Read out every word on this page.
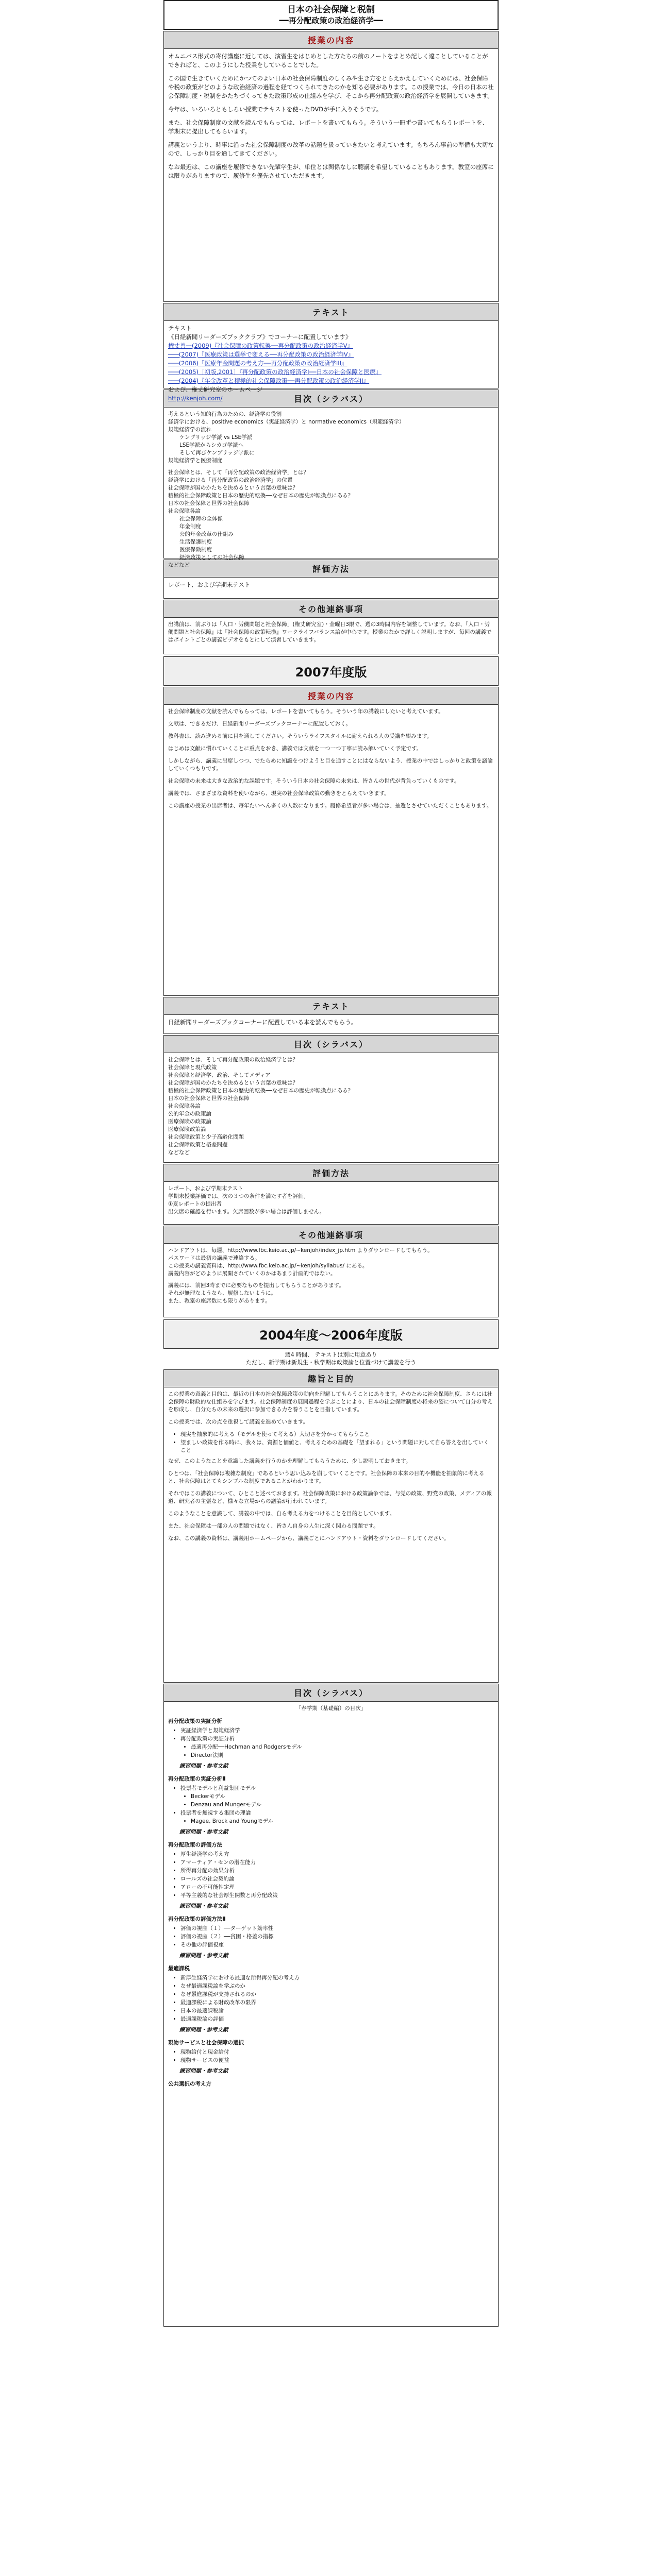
日本の社会保障と税制
━━再分配政策の政治経済学━━
授業の内容

オムニバス形式の寄付講座に近しては、演習生をはじめとした方たちの前のノートをまとめ記しく違ことしていることができればと、このようにした授業をしていることでした。

この国で生きていくためにかつてのよい日本の社会保障制度のしくみや生き方をとらえかえしていくためには、社会保障や税の政策がどのような政治経済の過程を経てつくられてきたのかを知る必要があります。この授業では、今日の日本の社会保障制度・税制をかたちづくってきた政策形成の仕組みを学び、そこから再分配政策の政治経済学を展開していきます。

今年は、いろいろともしろい授業でテキストを使ったDVDが手に入りそうです。

また、社会保障制度の文献を読んでもらっては、レポートを書いてもらう。そういう一冊ずつ書いてもらうレポートを、学期末に提出してもらいます。

講義というより、時事に沿った社会保障制度の改革の話題を扱っていきたいと考えています。もちろん事前の準備も大切なので、しっかり目を通してきてください。

なお最近は、この講座を履修できない先輩学生が、単位とは関係なしに聴講を希望していることもあります。教室の座席には限りがありますので、履修生を優先させていただきます。

テキスト
テキスト
《日経新聞リーダーズブッククラブ》でコーナーに配置しています》
権丈善一(2009)『社会保障の政策転換──再分配政策の政治経済学V』
───(2007)『医療政策は選挙で変える──再分配政策の政治経済学IV』
───(2006)『医療年金問題の考え方──再分配政策の政治経済学III』
───(2005)［初版,2001］『再分配政策の政治経済学I──日本の社会保障と医療』
───(2004)『年金改革と積極的社会保障政策──再分配政策の政治経済学II』
および、権丈研究室のホームページ
http://kenjoh.com/	目次（シラバス）
考えるという知的行為のための、経済学の役割
経済学における、positive economics（実証経済学）と normative economics（規範経済学）
規範経済学の流れ
ケンブリッジ学派 vs LSE学派
LSE学派からシカゴ学派へ
そして再びケンブリッジ学派に
規範経済学と医療制度
社会保障とは、そして「再分配政策の政治経済学」とは？
経済学における「再分配政策の政治経済学」の位置
社会保障が国のかたちを決めるという言葉の意味は？
積極的社会保障政策と日本の歴史的転換──なぜ日本の歴史が転換点にある？
日本の社会保障と世界の社会保障
社会保障各論
社会保障の全体像
年金制度
公的年金改革の仕組み
生活保護制度
医療保険制度
経済政策としての社会保障
などなど	評価方法
レポート、および学期末テスト
その他連絡事項
出講前は、前ぶりは「人口・労働問題と社会保障」(権丈研究室)・金曜日3限で、週の3時間内容を調整しています。なお、『人口・労働問題と社会保障』は『社会保障の政策転換』ワークライフバランス論が中心です。授業のなかで詳しく説明しますが、毎回の講義ではポイントごとの講義ビデオをもとにして演習していきます。
2007年度版
授業の内容

社会保障制度の文献を読んでもらっては、レポートを書いてもらう。そういう年の講義にしたいと考えています。

文献は、できるだけ、日経新聞リーダーズブックコーナーに配置しておく。

教科書は、読み進める前に目を通してください。そういうライフスタイルに耐えられる人の受講を望みます。

はじめは文献に慣れていくことに重点をおき、講義では文献を一つ一つ丁寧に読み解いていく予定です。

しかしながら、講義に出席しつつ、でたらめに知識をつけようと目を通すことにはならないよう、授業の中ではしっかりと政策を議論していくつもりです。

社会保障の未来は大きな政治的な課題です。そういう日本の社会保障の未来は、皆さんの世代が背負っていくものです。

講義では、さまざまな資料を使いながら、現実の社会保障政策の動きをとらえていきます。

この講座の授業の出席者は、毎年たいへん多くの人数になります。履修希望者が多い場合は、抽選とさせていただくこともあります。

テキスト
日経新聞リーダーズブックコーナーに配置している本を読んでもらう。
目次（シラバス）
社会保障とは、そして再分配政策の政治経済学とは？
社会保障と現代政策
社会保障と経済学、政治、そしてメディア
社会保障が国のかたちを決めるという言葉の意味は？
積極的社会保障政策と日本の歴史的転換──なぜ日本の歴史が転換点にある？
日本の社会保障と世界の社会保障
社会保障各論
公的年金の政策論
医療保険の政策論
医療保険政策論
社会保障政策と少子高齢化問題
社会保障政策と格差問題
などなど
評価方法
レポート、および学期末テスト
学期末授業評価では、次の３つの条件を満たす者を評価。
①夏レポートの提出者
出欠席の確認を行います。欠席回数が多い場合は評価しません。
その他連絡事項
ハンドアウトは、毎週、http://www.fbc.keio.ac.jp/~kenjoh/index_jp.htm よりダウンロードしてもらう。
パスワードは最初の講義で連絡する。
この授業の講義資料は、http://www.fbc.keio.ac.jp/~kenjoh/syllabus/ にある。
講義内容がどのように展開されていくのかはあまり計画的ではない。
講義には、前回3時までに必要なものを提出してもらうことがあります。
それが無理なようなら、履修しないように。
また、教室の座席数にも限りがあります。
2004年度〜2006年度版
週4 時間、 テキストは別に用意あり
ただし、新学期は新規生・秋学期は政策論と位置づけて講義を行う
趣旨と目的

この授業の意義と目的は、最近の日本の社会保障政策の動向を理解してもらうことにあります。そのために社会保障制度、さらには社会保障の財政的な仕組みを学びます。社会保障制度の展開過程を学ぶことにより、日本の社会保障制度の将来の姿について自分の考えを形成し、自分たちの未来の選択に参加できる力を養うことを目指しています。

この授業では、次の点を重視して講義を進めていきます。

• 現実を抽象的に考える（モデルを使って考える）大切さを分かってもらうこと
• 望ましい政策を作る時に、我々は、資源と価値と、考えるための基礎を「望まれる」という問題に対して自ら答えを出していくこと

なぜ、このようなことを意識した講義を行うのかを理解してもらうために、少し説明しておきます。

ひとつは、「社会保障は複雑な制度」であるという思い込みを崩していくことです。社会保障の本来の目的や機能を抽象的に考えると、社会保障はとてもシンプルな制度であることがわかります。

それではこの講義について、ひとこと述べておきます。社会保障政策における政策論争では、与党の政策、野党の政策、メディアの報道、研究者の主張など、様々な立場からの議論が行われています。

このようなことを意識して、講義の中では、自ら考える力をつけることを目的としています。

また、社会保障は一部の人の問題ではなく、皆さん自身の人生に深く関わる問題です。

なお、この講義の資料は、講義用ホームページから、講義ごとにハンドアウト・資料をダウンロードしてください。

目次（シラバス）
「春学期（基礎編）の目次」
再分配政策の実証分析
• 実証経済学と規範経済学
• 再分配政策の実証分析
• 最適再分配──Hochman and Rodgersモデル
• Director法則
練習問題・参考文献
再分配政策の実証分析Ⅱ
• 投票者モデルと利益集団モデル
• Beckerモデル
• Denzau and Mungerモデル
• 投票者を無視する集団の理論
• Magee, Brock and Youngモデル
練習問題・参考文献
再分配政策の評価方法
• 厚生経済学の考え方
• アマーティア・センの潜在能力
• 所得再分配の効果分析
• ロールズの社会契約論
• アローの不可能性定理
• 平等主義的な社会厚生関数と再分配政策
練習問題・参考文献
再分配政策の評価方法Ⅱ
• 評価の視座（１）──ターゲット効率性
• 評価の視座（２）──貧困・格差の指標
• その他の評価視座
練習問題・参考文献
最適課税
• 新厚生経済学における最適な所得再分配の考え方
• なぜ最適課税論を学ぶのか
• なぜ累進課税が支持されるのか
• 最適課税による財政改革の限界
• 日本の最適課税論
• 最適課税論の評価
練習問題・参考文献
現物サービスと社会保障の選択
• 現物給付と現金給付
• 現物サービスの便益
練習問題・参考文献
公共選択の考え方
